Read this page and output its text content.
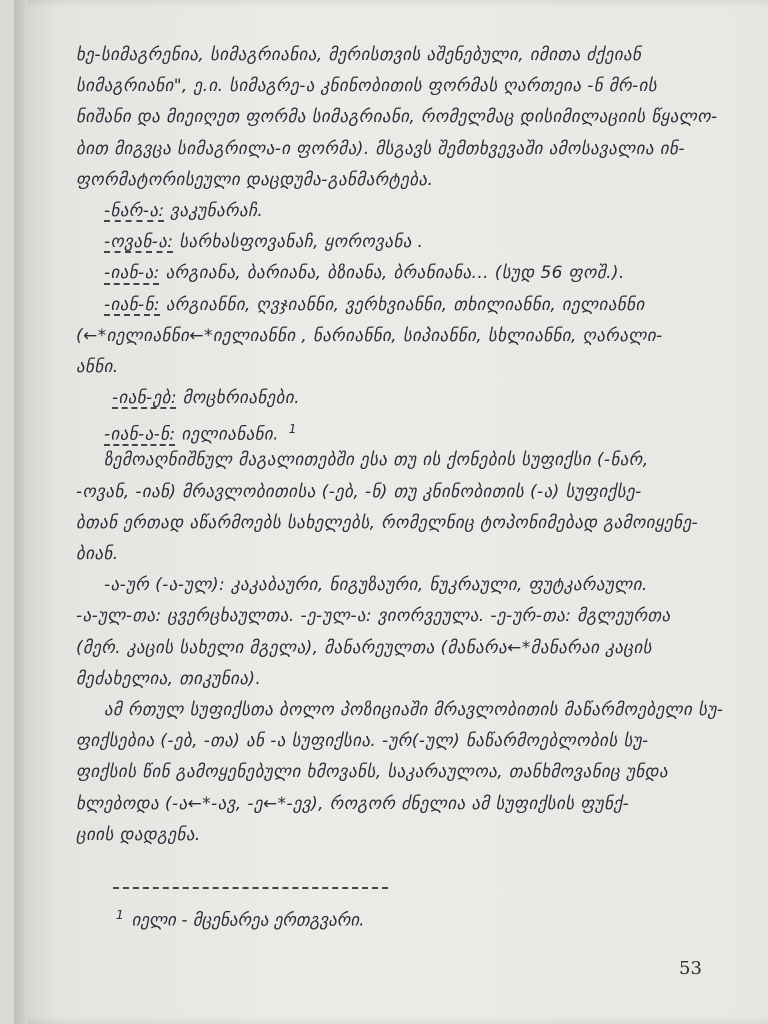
ხე-სიმაგრენია, სიმაგრიანია, მერისთვის აშენებული, იმითა ძქეიან
სიმაგრიანი", ე.ი. სიმაგრე-ა კნინობითის ფორმას ღართეია -ნ მრ-ის
ნიშანი და მიეიღეთ ფორმა სიმაგრიანი, რომელმაც დისიმილაციის წყალო-
ბით მიგვცა სიმაგრილა-ი ფორმა). მსგავს შემთხვევაში ამოსავალია ინ-
ფორმატორისეული დაცდუმა-განმარტება.
-ნარ-ა: ვაკუნარაჩ.
-ოვან-ა: სარხასფოვანაჩ, ყოროვანა .
-იან-ა: არგიანა, ბარიანა, ბზიანა, ბრანიანა... (სუდ 56 ფოშ.).
-იან-ნ: არგიანნი, ღვჯიანნი, ვერხვიანნი, თხილიანნი, იელიანნი
(←*იელიანნი←*იელიანნი , ნარიანნი, სიპიანნი, სხლიანნი, ღარალი-
ანნი.
-იან-ებ: მოცხრიანები.
-იან-ა-ნ: იელიანანი. $^1$
ზემოაღნიშნულ მაგალითებში ესა თუ ის ქონების სუფიქსი (-ნარ,
-ოვან, -იან) მრავლობითისა (-ებ, -ნ) თუ კნინობითის (-ა) სუფიქსე-
ბთან ერთად აწარმოებს სახელებს, რომელნიც ტოპონიმებად გამოიყენე-
ბიან.
-ა-ურ (-ა-ულ): კაკაბაური, ნიგუზაური, ნუკრაული, ფუტკარაული.
-ა-ულ-თა: ცვერცხაულთა. -ე-ულ-ა: ვიორვეულა. -ე-ურ-თა: მგლეურთა
(მერ. კაცის სახელი მგელა), მანარეულთა (მანარა←*მანარაი კაცის
მეძახელია, თიკუნია).
ამ რთულ სუფიქსთა ბოლო პოზიციაში მრავლობითის მაწარმოებელი სუ-
ფიქსებია (-ებ, -თა) ან -ა სუფიქსია. -ურ(-ულ) ნაწარმოებლობის სუ-
ფიქსის წინ გამოყენებული ხმოვანს, საკარაულოა, თანხმოვანიც უნდა
ხლებოდა (-ა←*-ავ, -ე←*-ევ), როგორ ძნელია ამ სუფიქსის ფუნქ-
ციის დადგენა.
$^1$ იელი - მცენარეა ერთგვარი.
53
